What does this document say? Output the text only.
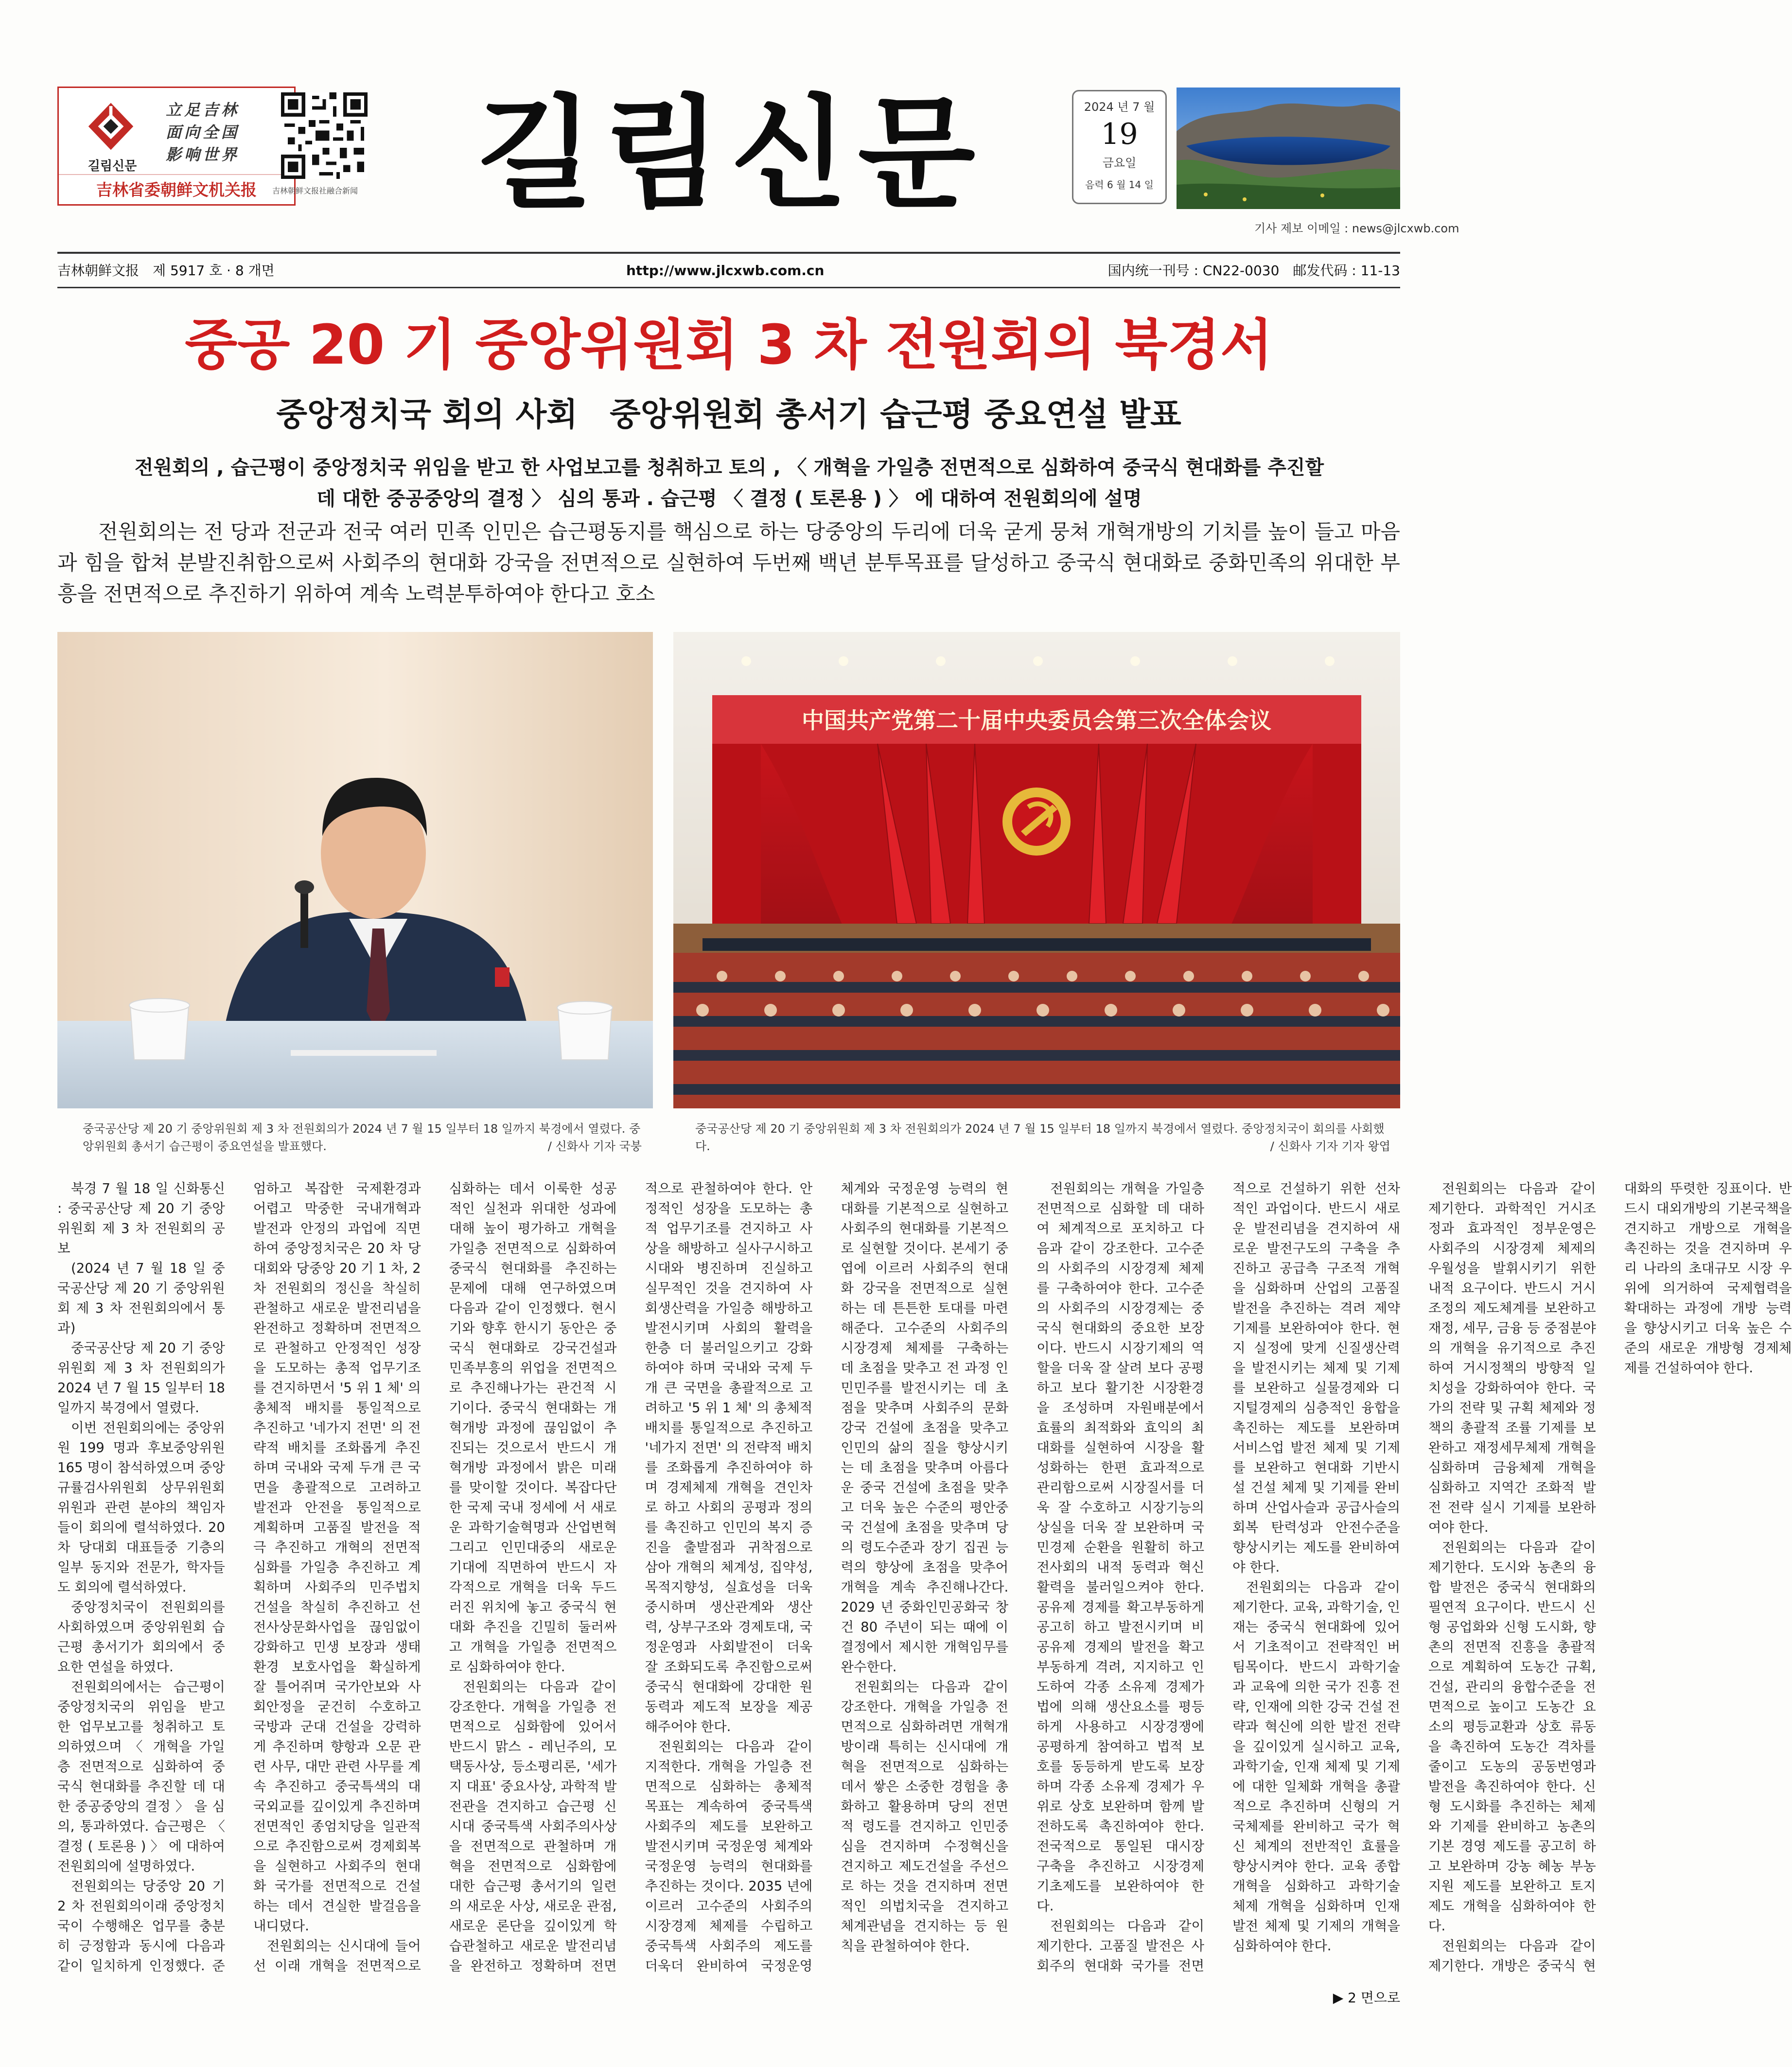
길림신문
立足吉林
面向全国
影响世界
吉林省委朝鲜文机关报	吉林朝鲜文报社融合新闻 길림신문	2024 년 7 월
19
금요일
음력 6 월 14 일
기사 제보 이메일 : news@jlcxwb.com
吉林朝鲜文报　제 5917 호 · 8 개면	http://www.jlcxwb.com.cn	国内统一刊号 : CN22-0030　邮发代码 : 11-13
중공 20 기 중앙위원회 3 차 전원회의 북경서
중앙정치국 회의 사회　중앙위원회 총서기 습근평 중요연설 발표
전원회의 , 습근평이 중앙정치국 위임을 받고 한 사업보고를 청취하고 토의 , 〈 개혁을 가일층 전면적으로 심화하여 중국식 현대화를 추진할 데 대한 중공중앙의 결정 〉 심의 통과 . 습근평 〈 결정 ( 토론용 ) 〉 에 대하여 전원회의에 설명
전원회의는 전 당과 전군과 전국 여러 민족 인민은 습근평동지를 핵심으로 하는 당중앙의 두리에 더욱 굳게 뭉쳐 개혁개방의 기치를 높이 들고 마음과 힘을 합쳐 분발진취함으로써 사회주의 현대화 강국을 전면적으로 실현하여 두번째 백년 분투목표를 달성하고 중국식 현대화로 중화민족의 위대한 부흥을 전면적으로 추진하기 위하여 계속 노력분투하여야 한다고 호소
中国共产党第二十届中央委员会第三次全体会议
중국공산당 제 20 기 중앙위원회 제 3 차 전원회의가 2024 년 7 월 15 일부터 18 일까지 북경에서 열렸다. 중앙위원회 총서기 습근평이 중요연설을 발표했다.	/ 신화사 기자 국붕
중국공산당 제 20 기 중앙위원회 제 3 차 전원회의가 2024 년 7 월 15 일부터 18 일까지 북경에서 열렸다. 중앙정치국이 회의를 사회했다.	/ 신화사 기자 기자 왕엽

북경 7 월 18 일 신화통신 : 중국공산당 제 20 기 중앙위원회 제 3 차 전원회의 공보

(2024 년 7 월 18 일 중국공산당 제 20 기 중앙위원회 제 3 차 전원회의에서 통과)

중국공산당 제 20 기 중앙위원회 제 3 차 전원회의가 2024 년 7 월 15 일부터 18 일까지 북경에서 열렸다.

이번 전원회의에는 중앙위원 199 명과 후보중앙위원 165 명이 참석하였으며 중앙규률검사위원회 상무위원회 위원과 관련 분야의 책임자들이 회의에 렬석하였다. 20 차 당대회 대표들중 기층의 일부 동지와 전문가, 학자들도 회의에 렬석하였다.

중앙정치국이 전원회의를 사회하였으며 중앙위원회 습근평 총서기가 회의에서 중요한 연설을 하였다.

전원회의에서는 습근평이 중앙정치국의 위임을 받고 한 업무보고를 청취하고 토의하였으며 〈 개혁을 가일층 전면적으로 심화하여 중국식 현대화를 추진할 데 대한 중공중앙의 결정 〉 을 심의, 통과하였다. 습근평은 〈 결정 ( 토론용 ) 〉 에 대하여 전원회의에 설명하였다.

전원회의는 당중앙 20 기 2 차 전원회의이래 중앙정치국이 수행해온 업무를 충분히 긍정함과 동시에 다음과 같이 일치하게 인정했다. 준엄하고 복잡한 국제환경과 어렵고 막중한 국내개혁과 발전과 안정의 과업에 직면하여 중앙정치국은 20 차 당대회와 당중앙 20 기 1 차, 2 차 전원회의 정신을 착실히 관철하고 새로운 발전리념을 완전하고 정확하며 전면적으로 관철하고 안정적인 성장을 도모하는 총적 업무기조를 견지하면서 '5 위 1 체' 의 총체적 배치를 통일적으로 추진하고 '네가지 전면' 의 전략적 배치를 조화롭게 추진하며 국내와 국제 두개 큰 국면을 총괄적으로 고려하고 발전과 안전을 통일적으로 계획하며 고품질 발전을 적극 추진하고 개혁의 전면적 심화를 가일층 추진하고 계획하며 사회주의 민주법치 건설을 착실히 추진하고 선전사상문화사업을 끊임없이 강화하고 민생 보장과 생태환경 보호사업을 확실하게 잘 틀어쥐며 국가안보와 사회안정을 굳건히 수호하고 국방과 군대 건설을 강력하게 추진하며 향항과 오문 관련 사무, 대만 관련 사무를 계속 추진하고 중국특색의 대국외교를 깊이있게 추진하며 전면적인 종엄치당을 일관적으로 추진함으로써 경제회복을 실현하고 사회주의 현대화 국가를 전면적으로 건설하는 데서 견실한 발걸음을 내디뎠다.

전원회의는 신시대에 들어선 이래 개혁을 전면적으로 심화하는 데서 이룩한 성공적인 실천과 위대한 성과에 대해 높이 평가하고 개혁을 가일층 전면적으로 심화하여 중국식 현대화를 추진하는 문제에 대해 연구하였으며 다음과 같이 인정했다. 현시기와 향후 한시기 동안은 중국식 현대화로 강국건설과 민족부흥의 위업을 전면적으로 추진해나가는 관건적 시기이다. 중국식 현대화는 개혁개방 과정에 끊임없이 추진되는 것으로서 반드시 개혁개방 과정에서 밝은 미래를 맞이할 것이다. 복잡다단한 국제 국내 정세에 서 새로운 과학기술혁명과 산업변혁 그리고 인민대중의 새로운 기대에 직면하여 반드시 자각적으로 개혁을 더욱 두드러진 위치에 놓고 중국식 현대화 추진을 긴밀히 둘러싸고 개혁을 가일층 전면적으로 심화하여야 한다.

전원회의는 다음과 같이 강조한다. 개혁을 가일층 전면적으로 심화함에 있어서 반드시 맑스 - 레닌주의, 모택동사상, 등소평리론, '세가지 대표' 중요사상, 과학적 발전관을 견지하고 습근평 신시대 중국특색 사회주의사상을 전면적으로 관철하며 개혁을 전면적으로 심화함에 대한 습근평 총서기의 일련의 새로운 사상, 새로운 관점, 새로운 론단을 깊이있게 학습관철하고 새로운 발전리념을 완전하고 정확하며 전면적으로 관철하여야 한다. 안정적인 성장을 도모하는 총적 업무기조를 견지하고 사상을 해방하고 실사구시하고 시대와 병진하며 진실하고 실무적인 것을 견지하여 사회생산력을 가일층 해방하고 발전시키며 사회의 활력을 한층 더 불러일으키고 강화하여야 하며 국내와 국제 두개 큰 국면을 총괄적으로 고려하고 '5 위 1 체' 의 총체적 배치를 통일적으로 추진하고 '네가지 전면' 의 전략적 배치를 조화롭게 추진하여야 하며 경제체제 개혁을 견인차로 하고 사회의 공평과 정의를 촉진하고 인민의 복지 증진을 출발점과 귀착점으로 삼아 개혁의 체계성, 집약성, 목적지향성, 실효성을 더욱 중시하며 생산관계와 생산력, 상부구조와 경제토대, 국정운영과 사회발전이 더욱 잘 조화되도록 추진함으로써 중국식 현대화에 강대한 원동력과 제도적 보장을 제공해주어야 한다.

전원회의는 다음과 같이 지적한다. 개혁을 가일층 전면적으로 심화하는 총체적 목표는 계속하여 중국특색 사회주의 제도를 보완하고 발전시키며 국정운영 체계와 국정운영 능력의 현대화를 추진하는 것이다. 2035 년에 이르러 고수준의 사회주의 시장경제 체제를 수립하고 중국특색 사회주의 제도를 더욱더 완비하여 국정운영 체계와 국정운영 능력의 현대화를 기본적으로 실현하고 사회주의 현대화를 기본적으로 실현할 것이다. 본세기 중엽에 이르러 사회주의 현대화 강국을 전면적으로 실현하는 데 튼튼한 토대를 마련해준다. 고수준의 사회주의 시장경제 체제를 구축하는 데 초점을 맞추고 전 과정 인민민주를 발전시키는 데 초점을 맞추며 사회주의 문화강국 건설에 초점을 맞추고 인민의 삶의 질을 향상시키는 데 초점을 맞추며 아름다운 중국 건설에 초점을 맞추고 더욱 높은 수준의 평안중국 건설에 초점을 맞추며 당의 령도수준과 장기 집권 능력의 향상에 초점을 맞추어 개혁을 계속 추진해나간다. 2029 년 중화인민공화국 창건 80 주년이 되는 때에 이 결정에서 제시한 개혁임무를 완수한다.

전원회의는 다음과 같이 강조한다. 개혁을 가일층 전면적으로 심화하려면 개혁개방이래 특히는 신시대에 개혁을 전면적으로 심화하는 데서 쌓은 소중한 경험을 총화하고 활용하며 당의 전면적 령도를 견지하고 인민중심을 견지하며 수정혁신을 견지하고 제도건설을 주선으로 하는 것을 견지하며 전면적인 의법치국을 견지하고 체계관념을 견지하는 등 원칙을 관철하여야 한다.

전원회의는 개혁을 가일층 전면적으로 심화할 데 대하여 체계적으로 포치하고 다음과 같이 강조한다. 고수준의 사회주의 시장경제 체제를 구축하여야 한다. 고수준의 사회주의 시장경제는 중국식 현대화의 중요한 보장이다. 반드시 시장기제의 역할을 더욱 잘 살려 보다 공평하고 보다 활기찬 시장환경을 조성하며 자원배분에서 효률의 최적화와 효익의 최대화를 실현하여 시장을 활성화하는 한편 효과적으로 관리함으로써 시장질서를 더욱 잘 수호하고 시장기능의 상실을 더욱 잘 보완하며 국민경제 순환을 원활히 하고 전사회의 내적 동력과 혁신 활력을 불러일으켜야 한다. 공유제 경제를 확고부동하게 공고히 하고 발전시키며 비공유제 경제의 발전을 확고부동하게 격려, 지지하고 인도하여 각종 소유제 경제가 법에 의해 생산요소를 평등하게 사용하고 시장경쟁에 공평하게 참여하고 법적 보호를 동등하게 받도록 보장하며 각종 소유제 경제가 우위로 상호 보완하며 함께 발전하도록 촉진하여야 한다. 전국적으로 통일된 대시장 구축을 추진하고 시장경제 기초제도를 보완하여야 한다.

전원회의는 다음과 같이 제기한다. 고품질 발전은 사회주의 현대화 국가를 전면적으로 건설하기 위한 선차적인 과업이다. 반드시 새로운 발전리념을 견지하여 새로운 발전구도의 구축을 추진하고 공급측 구조적 개혁을 심화하며 산업의 고품질 발전을 추진하는 격려 제약 기제를 보완하여야 한다. 현지 실정에 맞게 신질생산력을 발전시키는 체제 및 기제를 보완하고 실물경제와 디지털경제의 심층적인 융합을 촉진하는 제도를 보완하며 서비스업 발전 체제 및 기제를 보완하고 현대화 기반시설 건설 체제 및 기제를 완비하며 산업사슬과 공급사슬의 회복 탄력성과 안전수준을 향상시키는 제도를 완비하여야 한다.

전원회의는 다음과 같이 제기한다. 교육, 과학기술, 인재는 중국식 현대화에 있어서 기초적이고 전략적인 버팀목이다. 반드시 과학기술과 교육에 의한 국가 진흥 전략, 인재에 의한 강국 건설 전략과 혁신에 의한 발전 전략을 깊이있게 실시하고 교육, 과학기술, 인재 체제 및 기제에 대한 일체화 개혁을 총괄적으로 추진하며 신형의 거국체제를 완비하고 국가 혁신 체계의 전반적인 효률을 향상시켜야 한다. 교육 종합 개혁을 심화하고 과학기술 체제 개혁을 심화하며 인재발전 체제 및 기제의 개혁을 심화하여야 한다.

전원회의는 다음과 같이 제기한다. 과학적인 거시조정과 효과적인 정부운영은 사회주의 시장경제 체제의 우월성을 발휘시키기 위한 내적 요구이다. 반드시 거시조정의 제도체계를 보완하고 재정, 세무, 금융 등 중점분야의 개혁을 유기적으로 추진하여 거시정책의 방향적 일치성을 강화하여야 한다. 국가의 전략 및 규획 체제와 정책의 총괄적 조률 기제를 보완하고 재정세무체제 개혁을 심화하며 금융체제 개혁을 심화하고 지역간 조화적 발전 전략 실시 기제를 보완하여야 한다.

전원회의는 다음과 같이 제기한다. 도시와 농촌의 융합 발전은 중국식 현대화의 필연적 요구이다. 반드시 신형 공업화와 신형 도시화, 향촌의 전면적 진흥을 총괄적으로 계획하여 도농간 규획, 건설, 관리의 융합수준을 전면적으로 높이고 도농간 요소의 평등교환과 상호 류동을 촉진하여 도농간 격차를 줄이고 도농의 공동번영과 발전을 촉진하여야 한다. 신형 도시화를 추진하는 체제와 기제를 완비하고 농촌의 기본 경영 제도를 공고히 하고 보완하며 강농 혜농 부농 지원 제도를 보완하고 토지제도 개혁을 심화하여야 한다.

전원회의는 다음과 같이 제기한다. 개방은 중국식 현대화의 뚜렷한 징표이다. 반드시 대외개방의 기본국책을 견지하고 개방으로 개혁을 촉진하는 것을 견지하며 우리 나라의 초대규모 시장 우위에 의거하여 국제협력을 확대하는 과정에 개방 능력을 향상시키고 더욱 높은 수준의 새로운 개방형 경제체제를 건설하여야 한다.

▶ 2 면으로
